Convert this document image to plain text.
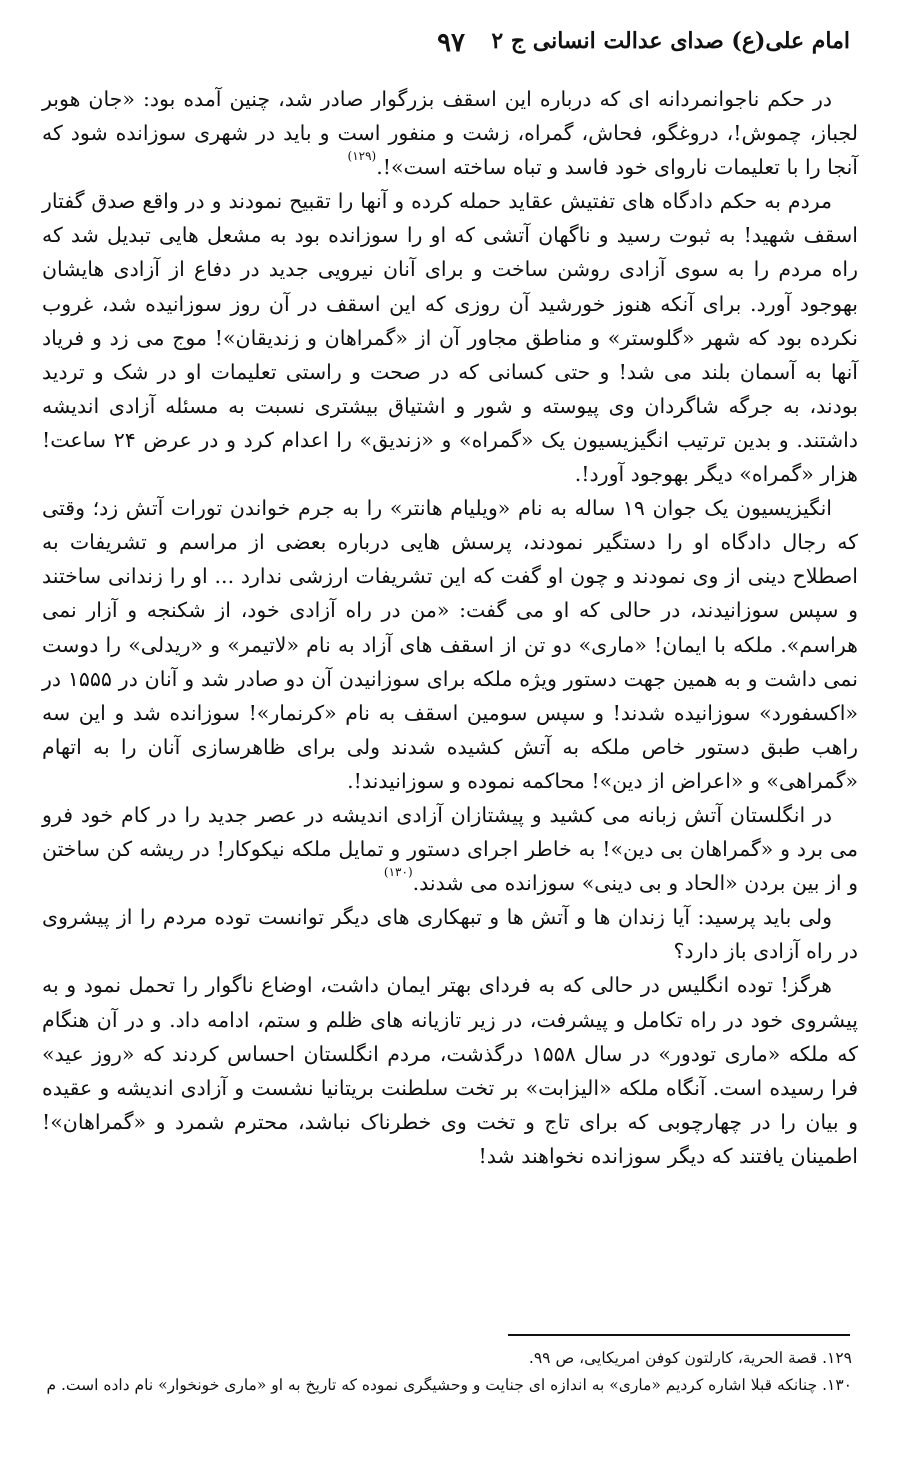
امام علی(ع) صدای عدالت انسانی ج ۲
۹۷

در حکم ناجوانمردانه ای که درباره این اسقف بزرگوار صادر شد، چنین آمده بود: «جان هوبر لجباز، چموش!، دروغگو، فحاش، گمراه، زشت و منفور است و باید در شهری سوزانده شود که آنجا را با تعلیمات نارواى خود فاسد و تباه ساخته است»!.$^{(۱۲۹)}$

مردم به حکم دادگاه های تفتیش عقاید حمله کرده و آنها را تقبیح نمودند و در واقع صدق گفتار اسقف شهید! به ثبوت رسید و ناگهان آتشی که او را سوزانده بود به مشعل هایی تبدیل شد که راه مردم را به سوی آزادی روشن ساخت و برای آنان نیرویی جدید در دفاع از آزادی هایشان بهوجود آورد. برای آنکه هنوز خورشید آن روزی که این اسقف در آن روز سوزانیده شد، غروب نکرده بود که شهر «گلوستر» و مناطق مجاور آن از «گمراهان و زندیقان»! موج می زد و فریاد آنها به آسمان بلند می شد! و حتی کسانی که در صحت و راستی تعلیمات او در شک و تردید بودند، به جرگه شاگردان وی پیوسته و شور و اشتیاق بیشتری نسبت به مسئله آزادی اندیشه داشتند. و بدین ترتیب انگیزیسیون یک «گمراه» و «زندیق» را اعدام کرد و در عرض ۲۴ ساعت! هزار «گمراه» دیگر بهوجود آورد!.

انگیزیسیون یک جوان ۱۹ ساله به نام «ویلیام هانتر» را به جرم خواندن تورات آتش زد؛ وقتی که رجال دادگاه او را دستگیر نمودند، پرسش هایی درباره بعضی از مراسم و تشریفات به اصطلاح دینی از وی نمودند و چون او گفت که این تشریفات ارزشی ندارد ... او را زندانی ساختند و سپس سوزانیدند، در حالی که او می گفت: «من در راه آزادی خود، از شکنجه و آزار نمی هراسم». ملکه با ایمان! «ماری» دو تن از اسقف های آزاد به نام «لاتیمر» و «ریدلی» را دوست نمی داشت و به همین جهت دستور ویژه ملکه برای سوزانیدن آن دو صادر شد و آنان در ۱۵۵۵ در «اکسفورد» سوزانیده شدند! و سپس سومین اسقف به نام «کرنمار»! سوزانده شد و این سه راهب طبق دستور خاص ملکه به آتش کشیده شدند ولی برای ظاهرسازی آنان را به اتهام «گمراهی» و «اعراض از دین»! محاکمه نموده و سوزانیدند!.

در انگلستان آتش زبانه می کشید و پیشتازان آزادی اندیشه در عصر جدید را در کام خود فرو می برد و «گمراهان بی دین»! به خاطر اجرای دستور و تمایل ملکه نیکوکار! در ریشه کن ساختن و از بین بردن «الحاد و بی دینی» سوزانده می شدند.$^{(۱۳۰)}$

ولی باید پرسید: آیا زندان ها و آتش ها و تبهکاری های دیگر توانست توده مردم را از پیشروی در راه آزادی باز دارد؟

هرگز! توده انگلیس در حالی که به فردای بهتر ایمان داشت، اوضاع ناگوار را تحمل نمود و به پیشروی خود در راه تکامل و پیشرفت، در زیر تازیانه های ظلم و ستم، ادامه داد. و در آن هنگام که ملکه «ماری تودور» در سال ۱۵۵۸ درگذشت، مردم انگلستان احساس کردند که «روز عید» فرا رسیده است. آنگاه ملکه «الیزابت» بر تخت سلطنت بریتانیا نشست و آزادی اندیشه و عقیده و بیان را در چهارچوبی که برای تاج و تخت وی خطرناک نباشد، محترم شمرد و «گمراهان»! اطمینان یافتند که دیگر سوزانده نخواهند شد!

۱۲۹. قصة الحریة، کارلتون کوفن امریکایی، ص ۹۹.

۱۳۰. چنانکه قبلا اشاره کردیم «ماری» به اندازه ای جنایت و وحشیگری نموده که تاریخ به او «ماری خونخوار» نام داده است. م
